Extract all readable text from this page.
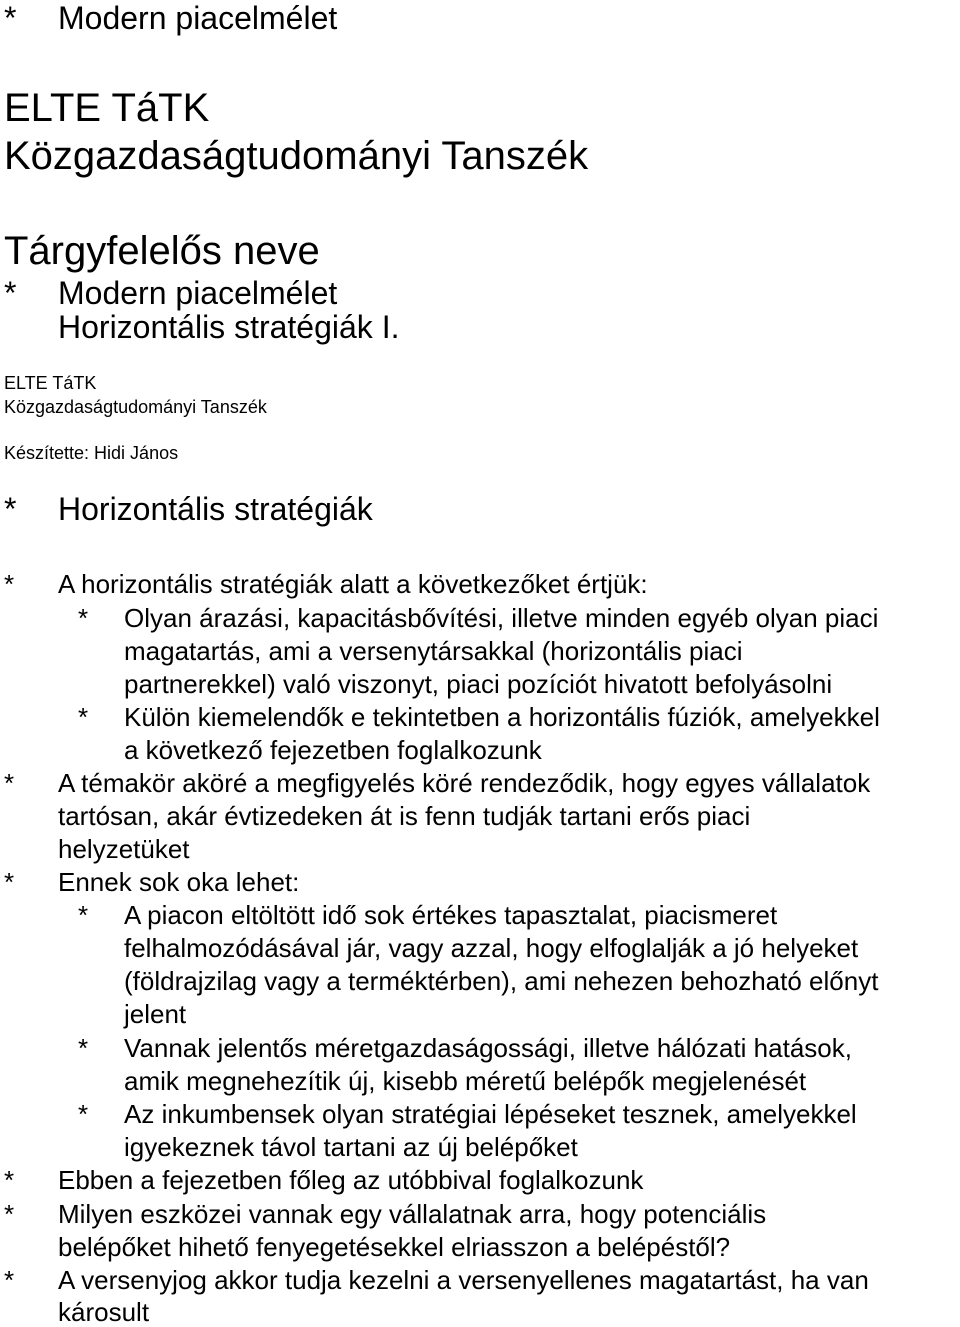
* Modern piacelmélet
ELTE TáTK
Közgazdaságtudományi Tanszék
Tárgyfelelős neve
* Modern piacelmélet
Horizontális stratégiák I.
ELTE TáTK
Közgazdaságtudományi Tanszék
Készítette: Hidi János
* Horizontális stratégiák
* A horizontális stratégiák alatt a következőket értjük:
* Olyan árazási, kapacitásbővítési, illetve minden egyéb olyan piaci
magatartás, ami a versenytársakkal (horizontális piaci
partnerekkel) való viszonyt, piaci pozíciót hivatott befolyásolni
* Külön kiemelendők e tekintetben a horizontális fúziók, amelyekkel
a következő fejezetben foglalkozunk
* A témakör aköré a megfigyelés köré rendeződik, hogy egyes vállalatok
tartósan, akár évtizedeken át is fenn tudják tartani erős piaci
helyzetüket
* Ennek sok oka lehet:
* A piacon eltöltött idő sok értékes tapasztalat, piacismeret
felhalmozódásával jár, vagy azzal, hogy elfoglalják a jó helyeket
(földrajzilag vagy a terméktérben), ami nehezen behozható előnyt
jelent
* Vannak jelentős méretgazdaságossági, illetve hálózati hatások,
amik megnehezítik új, kisebb méretű belépők megjelenését
* Az inkumbensek olyan stratégiai lépéseket tesznek, amelyekkel
igyekeznek távol tartani az új belépőket
* Ebben a fejezetben főleg az utóbbival foglalkozunk
* Milyen eszközei vannak egy vállalatnak arra, hogy potenciális
belépőket hihető fenyegetésekkel elriasszon a belépéstől?
* A versenyjog akkor tudja kezelni a versenyellenes magatartást, ha van
károsult
